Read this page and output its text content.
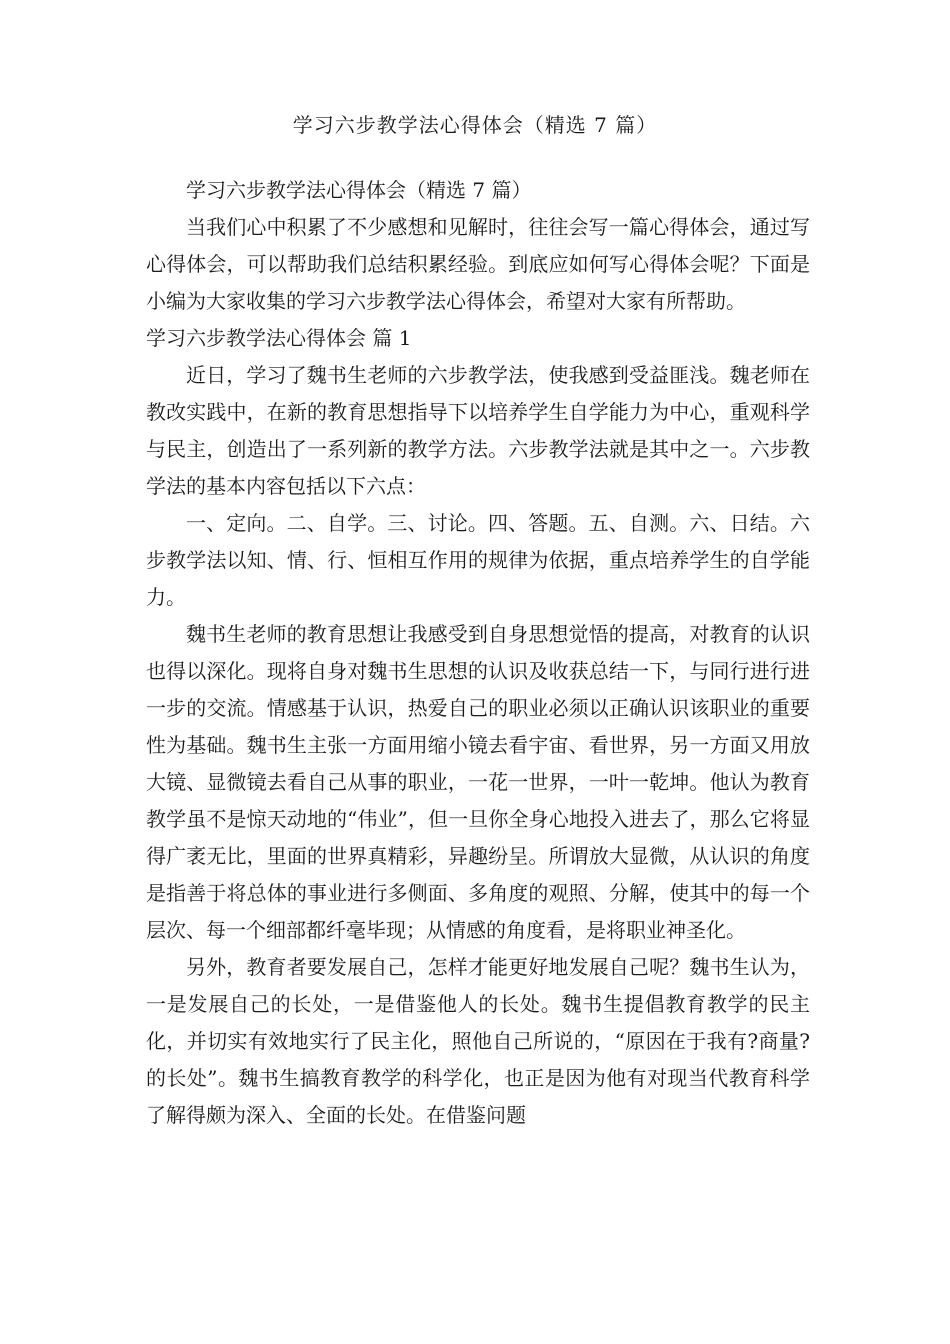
学习六步教学法心得体会（精选 7 篇）

学习六步教学法心得体会（精选 7 篇）

当我们心中积累了不少感想和见解时，往往会写一篇心得体会，通过写心得体会，可以帮助我们总结积累经验。到底应如何写心得体会呢？下面是小编为大家收集的学习六步教学法心得体会，希望对大家有所帮助。

学习六步教学法心得体会 篇 1

近日，学习了魏书生老师的六步教学法，使我感到受益匪浅。魏老师在教改实践中，在新的教育思想指导下以培养学生自学能力为中心，重观科学与民主，创造出了一系列新的教学方法。六步教学法就是其中之一。六步教学法的基本内容包括以下六点：

一、定向。二、自学。三、讨论。四、答题。五、自测。六、日结。六步教学法以知、情、行、恒相互作用的规律为依据，重点培养学生的自学能力。

魏书生老师的教育思想让我感受到自身思想觉悟的提高，对教育的认识也得以深化。现将自身对魏书生思想的认识及收获总结一下，与同行进行进一步的交流。情感基于认识，热爱自己的职业必须以正确认识该职业的重要性为基础。魏书生主张一方面用缩小镜去看宇宙、看世界，另一方面又用放大镜、显微镜去看自己从事的职业，一花一世界，一叶一乾坤。他认为教育教学虽不是惊天动地的“伟业”，但一旦你全身心地投入进去了，那么它将显得广袤无比，里面的世界真精彩，异趣纷呈。所谓放大显微，从认识的角度是指善于将总体的事业进行多侧面、多角度的观照、分解，使其中的每一个层次、每一个细部都纤毫毕现；从情感的角度看，是将职业神圣化。

另外，教育者要发展自己，怎样才能更好地发展自己呢？魏书生认为，一是发展自己的长处，一是借鉴他人的长处。魏书生提倡教育教学的民主化，并切实有效地实行了民主化，照他自己所说的，“原因在于我有?商量?的长处”。魏书生搞教育教学的科学化，也正是因为他有对现当代教育科学了解得颇为深入、全面的长处。在借鉴问题
